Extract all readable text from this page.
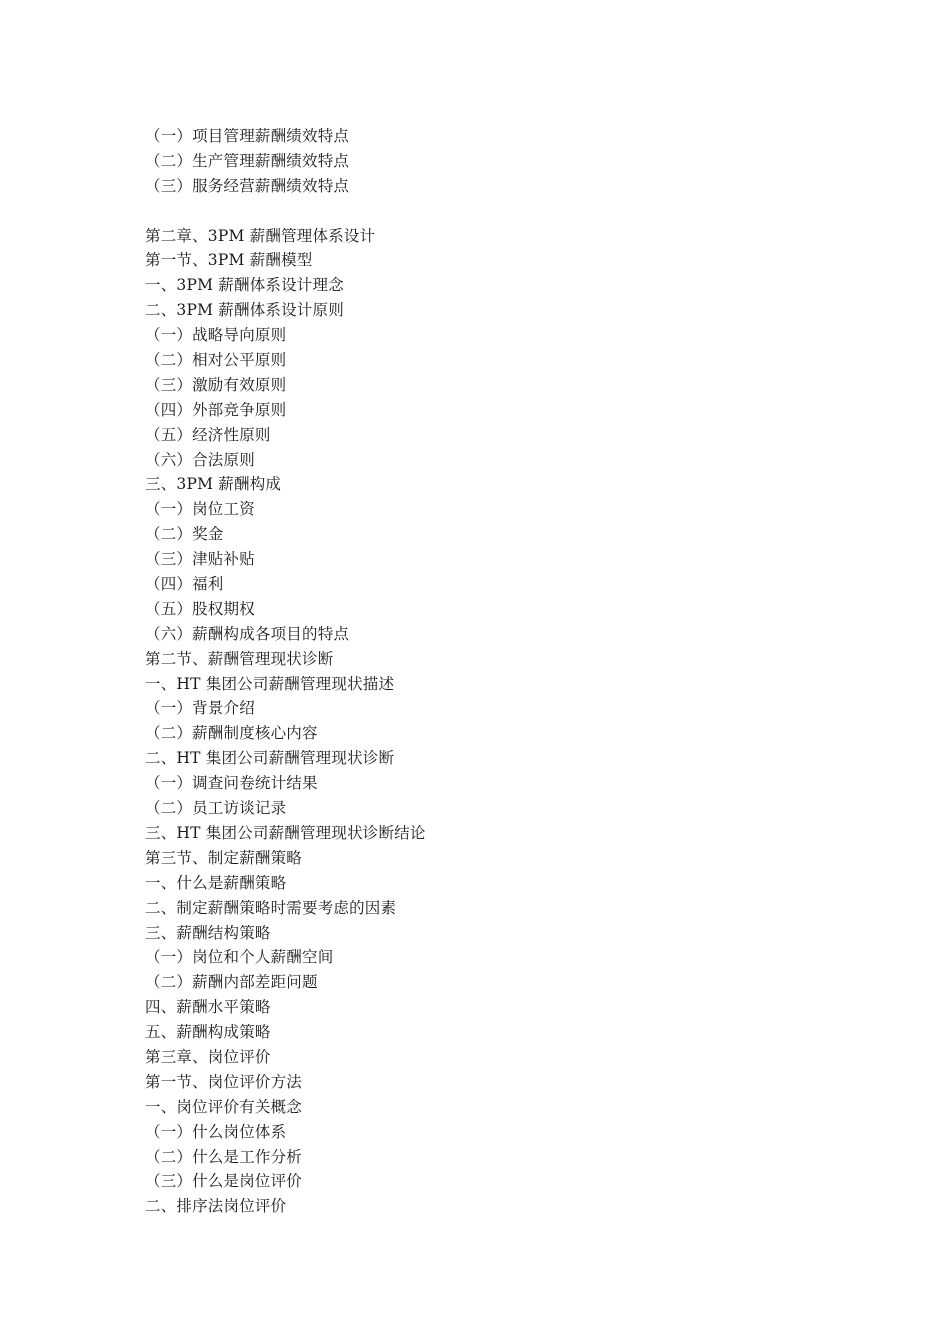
（一）项目管理薪酬绩效特点
（二）生产管理薪酬绩效特点
（三）服务经营薪酬绩效特点
第二章、3PM 薪酬管理体系设计
第一节、3PM 薪酬模型
一、3PM 薪酬体系设计理念
二、3PM 薪酬体系设计原则
（一）战略导向原则
（二）相对公平原则
（三）激励有效原则
（四）外部竞争原则
（五）经济性原则
（六）合法原则
三、3PM 薪酬构成
（一）岗位工资
（二）奖金
（三）津贴补贴
（四）福利
（五）股权期权
（六）薪酬构成各项目的特点
第二节、薪酬管理现状诊断
一、HT 集团公司薪酬管理现状描述
（一）背景介绍
（二）薪酬制度核心内容
二、HT 集团公司薪酬管理现状诊断
（一）调查问卷统计结果
（二）员工访谈记录
三、HT 集团公司薪酬管理现状诊断结论
第三节、制定薪酬策略
一、什么是薪酬策略
二、制定薪酬策略时需要考虑的因素
三、薪酬结构策略
（一）岗位和个人薪酬空间
（二）薪酬内部差距问题
四、薪酬水平策略
五、薪酬构成策略
第三章、岗位评价
第一节、岗位评价方法
一、岗位评价有关概念
（一）什么岗位体系
（二）什么是工作分析
（三）什么是岗位评价
二、排序法岗位评价
